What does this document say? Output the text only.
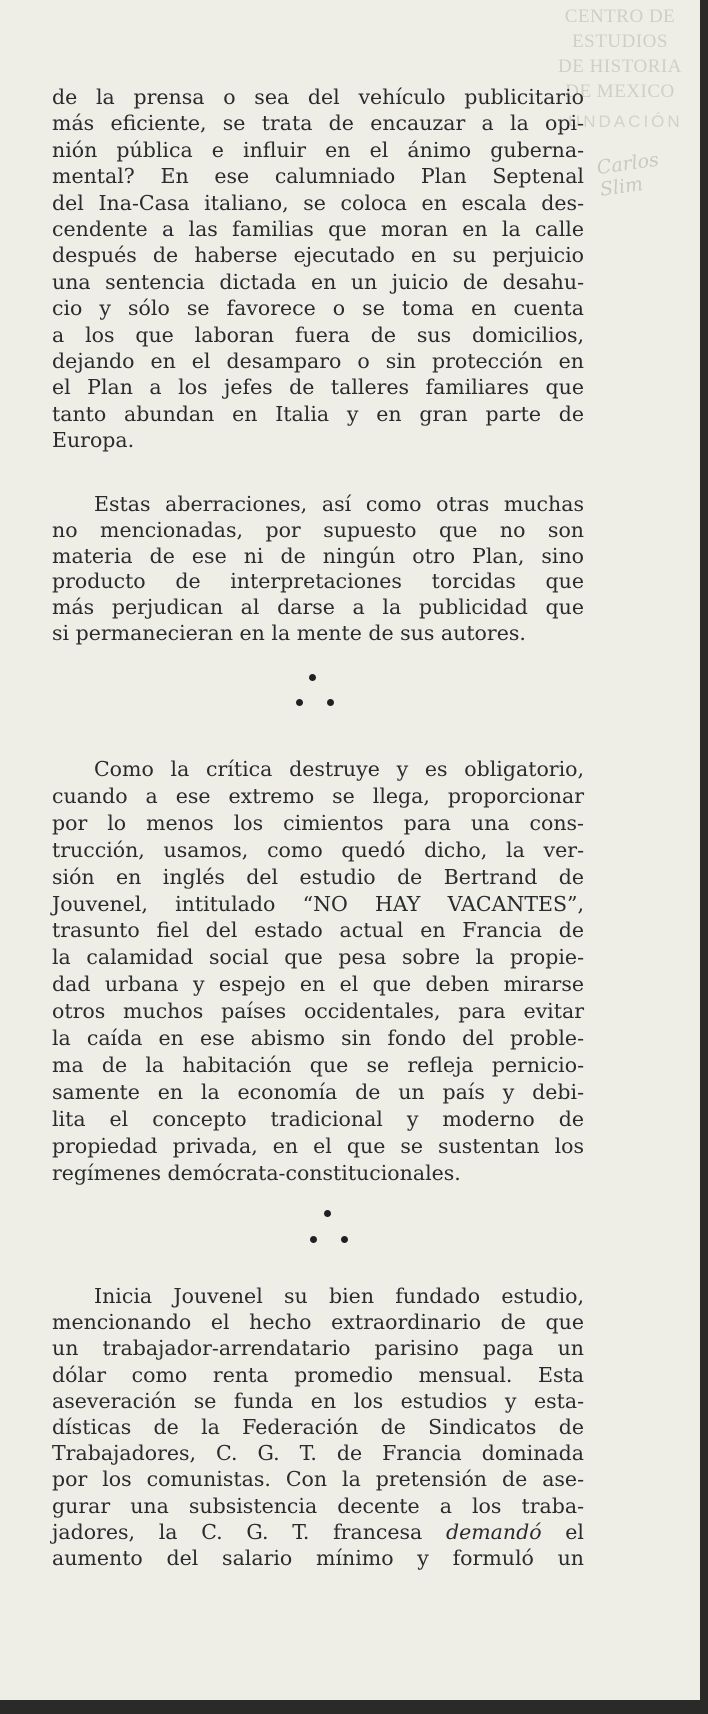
CENTRO DE
ESTUDIOS
DE HISTORIA
DE MEXICO
UNDACIÓN
Carlos Slim
de la prensa o sea del vehículo publicitario
más eficiente, se trata de encauzar a la opi-
nión pública e influir en el ánimo guberna-
mental? En ese calumniado Plan Septenal
del Ina-Casa italiano, se coloca en escala des-
cendente a las familias que moran en la calle
después de haberse ejecutado en su perjuicio
una sentencia dictada en un juicio de desahu-
cio y sólo se favorece o se toma en cuenta
a los que laboran fuera de sus domicilios,
dejando en el desamparo o sin protección en
el Plan a los jefes de talleres familiares que
tanto abundan en Italia y en gran parte de
Europa.
Estas aberraciones, así como otras muchas
no mencionadas, por supuesto que no son
materia de ese ni de ningún otro Plan, sino
producto de interpretaciones torcidas que
más perjudican al darse a la publicidad que
si permanecieran en la mente de sus autores.
Como la crítica destruye y es obligatorio,
cuando a ese extremo se llega, proporcionar
por lo menos los cimientos para una cons-
trucción, usamos, como quedó dicho, la ver-
sión en inglés del estudio de Bertrand de
Jouvenel, intitulado “NO HAY VACANTES”,
trasunto fiel del estado actual en Francia de
la calamidad social que pesa sobre la propie-
dad urbana y espejo en el que deben mirarse
otros muchos países occidentales, para evitar
la caída en ese abismo sin fondo del proble-
ma de la habitación que se refleja pernicio-
samente en la economía de un país y debi-
lita el concepto tradicional y moderno de
propiedad privada, en el que se sustentan los
regímenes demócrata-constitucionales.
Inicia Jouvenel su bien fundado estudio,
mencionando el hecho extraordinario de que
un trabajador-arrendatario parisino paga un
dólar como renta promedio mensual. Esta
aseveración se funda en los estudios y esta-
dísticas de la Federación de Sindicatos de
Trabajadores, C. G. T. de Francia dominada
por los comunistas. Con la pretensión de ase-
gurar una subsistencia decente a los traba-
jadores, la C. G. T. francesa demandó el
aumento del salario mínimo y formuló un
